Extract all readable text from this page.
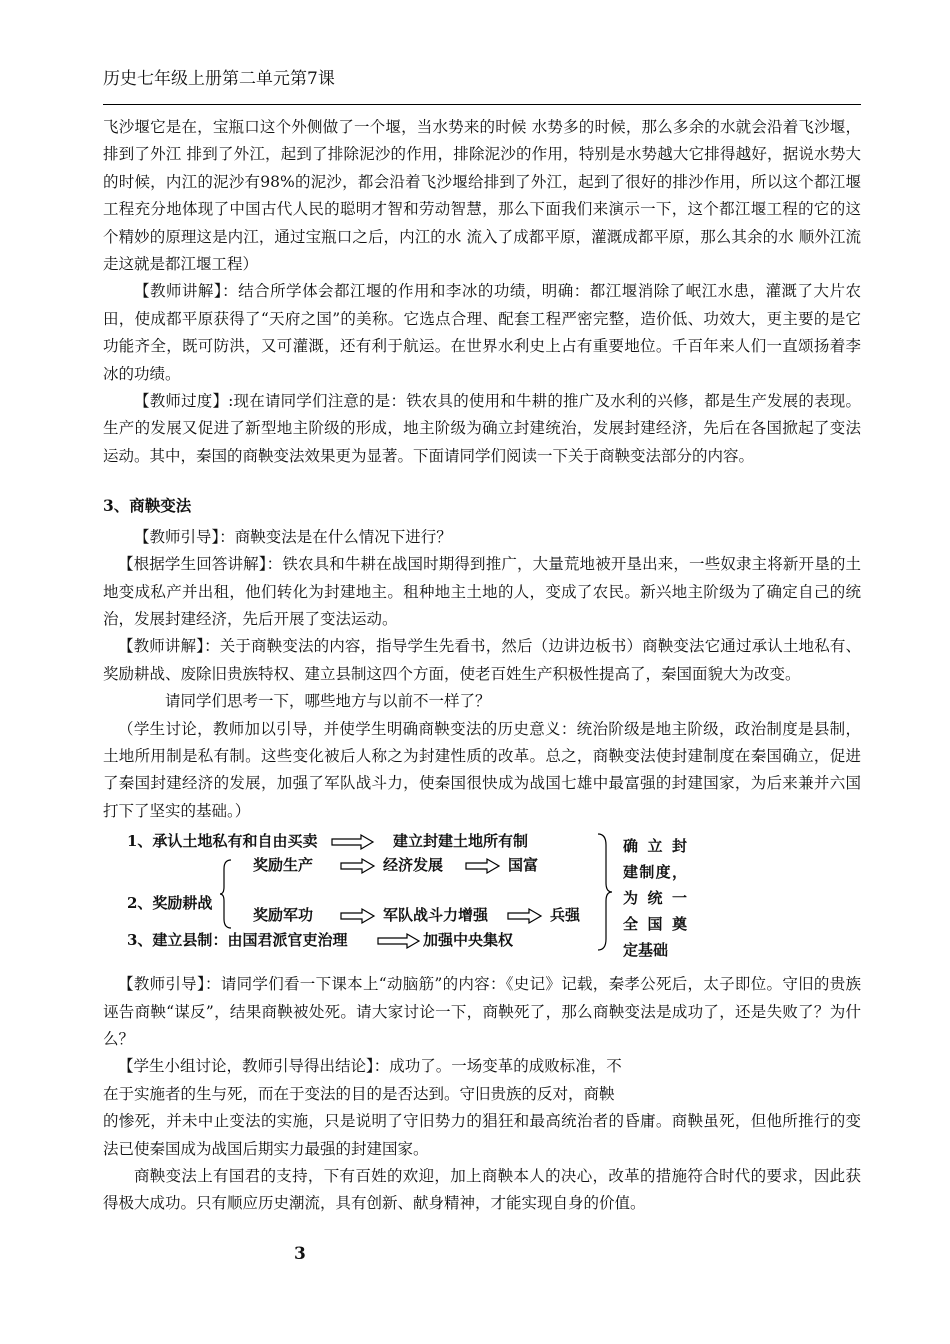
历史七年级上册第二单元第7课

飞沙堰它是在，宝瓶口这个外侧做了一个堰，当水势来的时候 水势多的时候，那么多余的水就会沿着飞沙堰，排到了外江 排到了外江，起到了排除泥沙的作用，排除泥沙的作用，特别是水势越大它排得越好，据说水势大的时候，内江的泥沙有98%的泥沙，都会沿着飞沙堰给排到了外江，起到了很好的排沙作用，所以这个都江堰工程充分地体现了中国古代人民的聪明才智和劳动智慧，那么下面我们来演示一下，这个都江堰工程的它的这个精妙的原理这是内江，通过宝瓶口之后，内江的水 流入了成都平原，灌溉成都平原，那么其余的水 顺外江流走这就是都江堰工程）

【教师讲解】：结合所学体会都江堰的作用和李冰的功绩，明确：都江堰消除了岷江水患，灌溉了大片农田，使成都平原获得了“天府之国”的美称。它选点合理、配套工程严密完整，造价低、功效大，更主要的是它功能齐全，既可防洪，又可灌溉，还有利于航运。在世界水利史上占有重要地位。千百年来人们一直颂扬着李冰的功绩。

【教师过度】:现在请同学们注意的是：铁农具的使用和牛耕的推广及水利的兴修，都是生产发展的表现。生产的发展又促进了新型地主阶级的形成，地主阶级为确立封建统治，发展封建经济，先后在各国掀起了变法运动。其中，秦国的商鞅变法效果更为显著。下面请同学们阅读一下关于商鞅变法部分的内容。

3、商鞅变法

【教师引导】：商鞅变法是在什么情况下进行？

【根据学生回答讲解】：铁农具和牛耕在战国时期得到推广，大量荒地被开垦出来，一些奴隶主将新开垦的土地变成私产并出租，他们转化为封建地主。租种地主土地的人，变成了农民。新兴地主阶级为了确定自己的统治，发展封建经济，先后开展了变法运动。

【教师讲解】：关于商鞅变法的内容，指导学生先看书，然后（边讲边板书）商鞅变法它通过承认土地私有、奖励耕战、废除旧贵族特权、建立县制这四个方面，使老百姓生产积极性提高了，秦国面貌大为改变。

请同学们思考一下，哪些地方与以前不一样了？

（学生讨论，教师加以引导，并使学生明确商鞅变法的历史意义：统治阶级是地主阶级，政治制度是县制，土地所用制是私有制。这些变化被后人称之为封建性质的改革。总之，商鞅变法使封建制度在秦国确立，促进了秦国封建经济的发展，加强了军队战斗力，使秦国很快成为战国七雄中最富强的封建国家，为后来兼并六国打下了坚实的基础。）

1、承认土地私有和自由买卖	建立封建土地所有制
奖励生产	经济发展	国富
2、奖励耕战
奖励军功	军队战斗力增强	兵强
3、建立县制：由国君派官吏治理	加强中央集权
确 立 封
建制度，
为 统 一
全 国 奠
定基础

【教师引导】：请同学们看一下课本上“动脑筋”的内容：《史记》记载，秦孝公死后，太子即位。守旧的贵族诬告商鞅“谋反”，结果商鞅被处死。请大家讨论一下，商鞅死了，那么商鞅变法是成功了，还是失败了？为什么？

【学生小组讨论，教师引导得出结论】：成功了。一场变革的成败标准，不

在于实施者的生与死，而在于变法的目的是否达到。守旧贵族的反对，商鞅

的惨死，并未中止变法的实施，只是说明了守旧势力的猖狂和最高统治者的昏庸。商鞅虽死，但他所推行的变法已使秦国成为战国后期实力最强的封建国家。

商鞅变法上有国君的支持，下有百姓的欢迎，加上商鞅本人的决心，改革的措施符合时代的要求，因此获得极大成功。只有顺应历史潮流，具有创新、献身精神，才能实现自身的价值。

3
